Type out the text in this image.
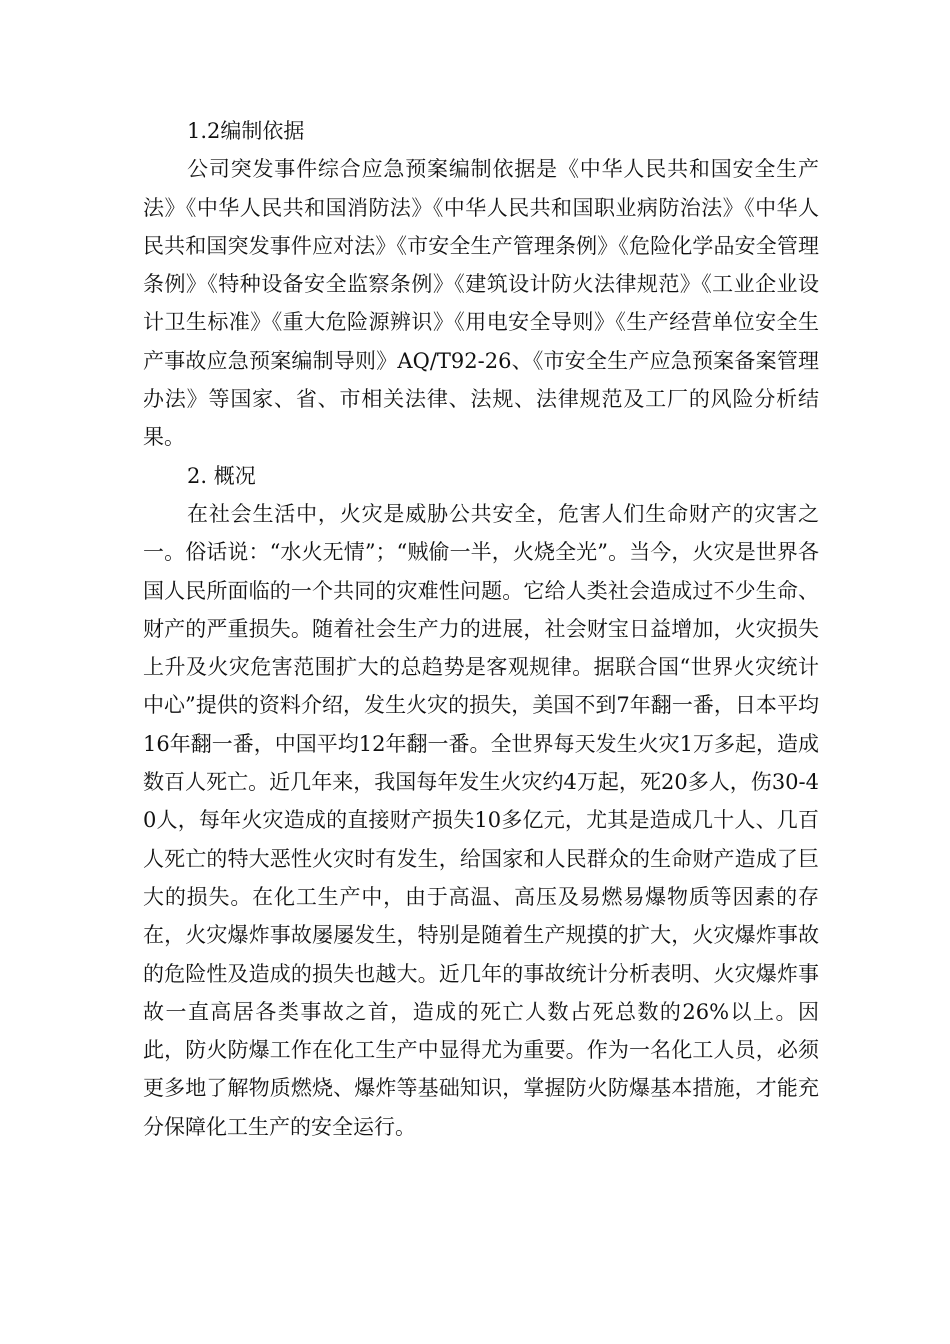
1.2编制依据

公司突发事件综合应急预案编制依据是《中华人民共和国安全生产法》《中华人民共和国消防法》《中华人民共和国职业病防治法》《中华人民共和国突发事件应对法》《市安全生产管理条例》《危险化学品安全管理条例》《特种设备安全监察条例》《建筑设计防火法律规范》《工业企业设计卫生标准》《重大危险源辨识》《用电安全导则》《生产经营单位安全生产事故应急预案编制导则》AQ/T92-26、《市安全生产应急预案备案管理办法》等国家、省、市相关法律、法规、法律规范及工厂的风险分析结果。

2. 概况

在社会生活中，火灾是威胁公共安全，危害人们生命财产的灾害之一。俗话说：“水火无情”；“贼偷一半，火烧全光”。当今，火灾是世界各国人民所面临的一个共同的灾难性问题。它给人类社会造成过不少生命、财产的严重损失。随着社会生产力的进展，社会财宝日益增加，火灾损失上升及火灾危害范围扩大的总趋势是客观规律。据联合国“世界火灾统计中心”提供的资料介绍，发生火灾的损失，美国不到7年翻一番，日本平均16年翻一番，中国平均12年翻一番。全世界每天发生火灾1万多起，造成数百人死亡。近几年来，我国每年发生火灾约4万起，死20多人，伤30-40人，每年火灾造成的直接财产损失10多亿元，尤其是造成几十人、几百人死亡的特大恶性火灾时有发生，给国家和人民群众的生命财产造成了巨大的损失。在化工生产中，由于高温、高压及易燃易爆物质等因素的存在，火灾爆炸事故屡屡发生，特别是随着生产规摸的扩大，火灾爆炸事故的危险性及造成的损失也越大。近几年的事故统计分析表明、火灾爆炸事故一直高居各类事故之首，造成的死亡人数占死总数的26%以上。因此，防火防爆工作在化工生产中显得尤为重要。作为一名化工人员，必须更多地了解物质燃烧、爆炸等基础知识，掌握防火防爆基本措施，才能充分保障化工生产的安全运行。
